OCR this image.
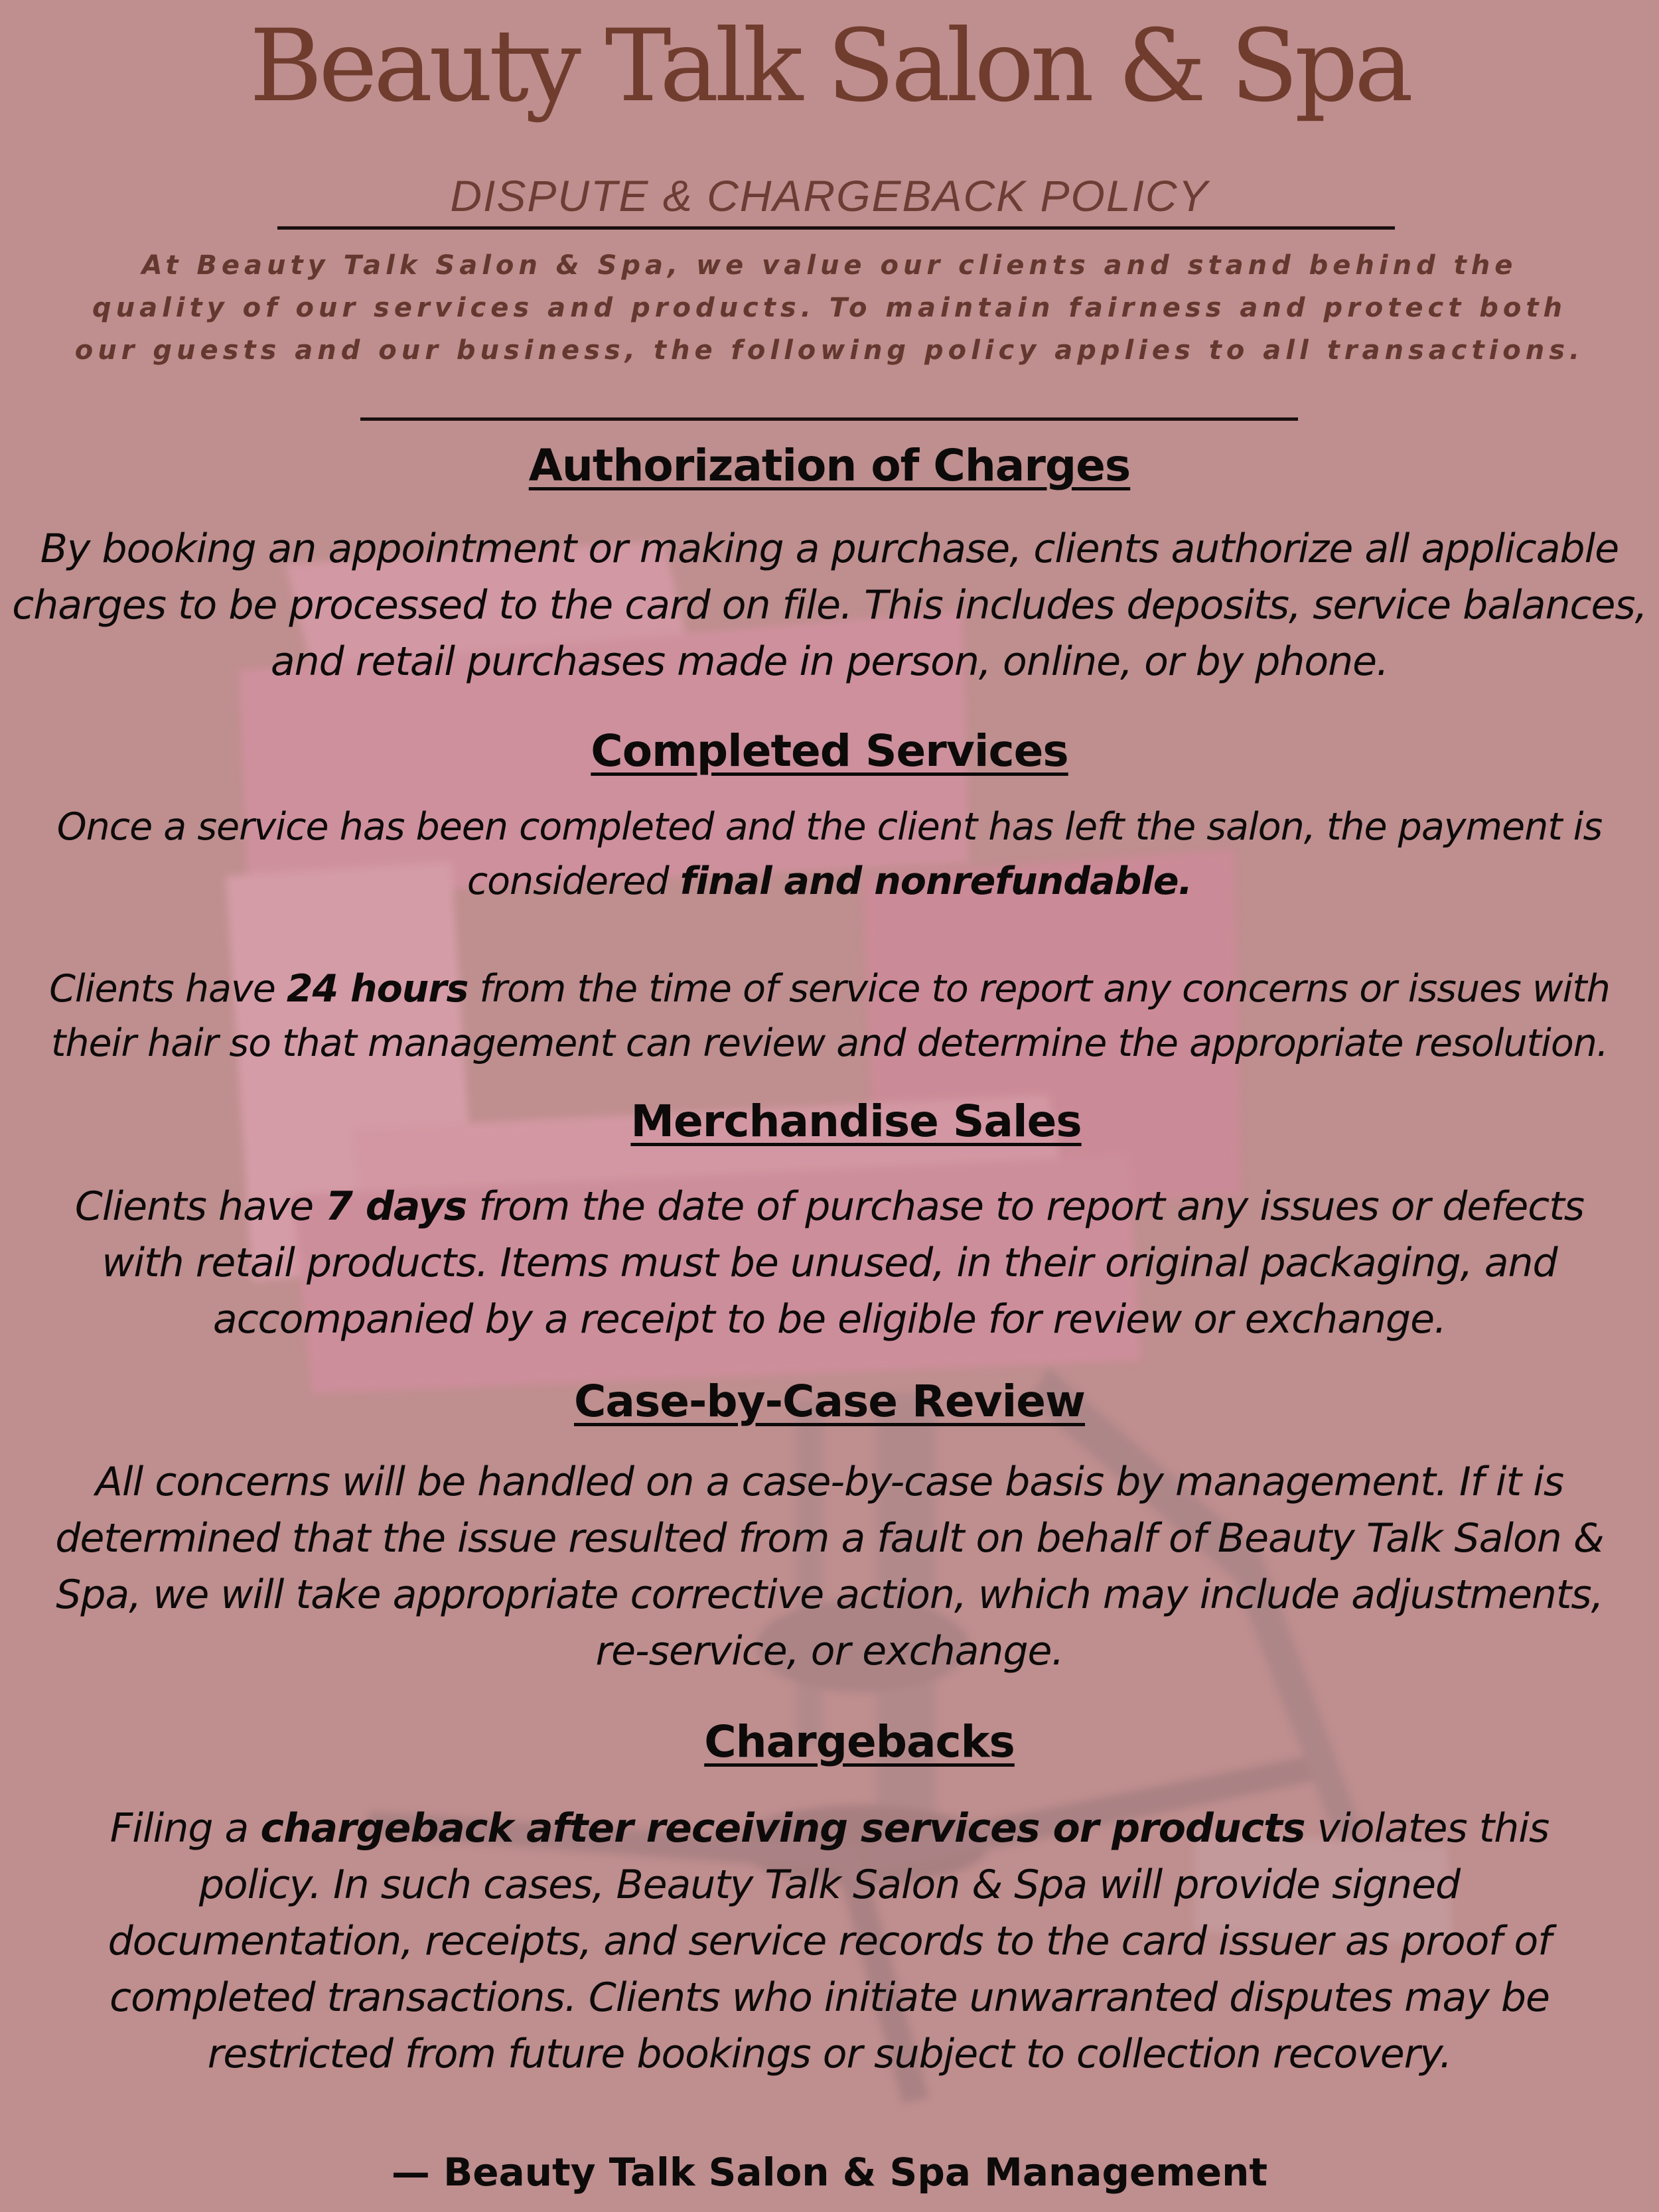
Beauty Talk Salon & Spa
DISPUTE & CHARGEBACK POLICY
At Beauty Talk Salon & Spa, we value our clients and stand behind the quality of our services and products. To maintain fairness and protect both our guests and our business, the following policy applies to all transactions.
Authorization of Charges
By booking an appointment or making a purchase, clients authorize all applicable charges to be processed to the card on file. This includes deposits, service balances, and retail purchases made in person, online, or by phone.
Completed Services
Once a service has been completed and the client has left the salon, the payment is considered final and nonrefundable.
Clients have 24 hours from the time of service to report any concerns or issues with their hair so that management can review and determine the appropriate resolution.
Merchandise Sales
Clients have 7 days from the date of purchase to report any issues or defects with retail products. Items must be unused, in their original packaging, and accompanied by a receipt to be eligible for review or exchange.
Case-by-Case Review
All concerns will be handled on a case-by-case basis by management. If it is determined that the issue resulted from a fault on behalf of Beauty Talk Salon & Spa, we will take appropriate corrective action, which may include adjustments, re-service, or exchange.
Chargebacks
Filing a chargeback after receiving services or products violates this policy. In such cases, Beauty Talk Salon & Spa will provide signed documentation, receipts, and service records to the card issuer as proof of completed transactions. Clients who initiate unwarranted disputes may be restricted from future bookings or subject to collection recovery.
— Beauty Talk Salon & Spa Management
